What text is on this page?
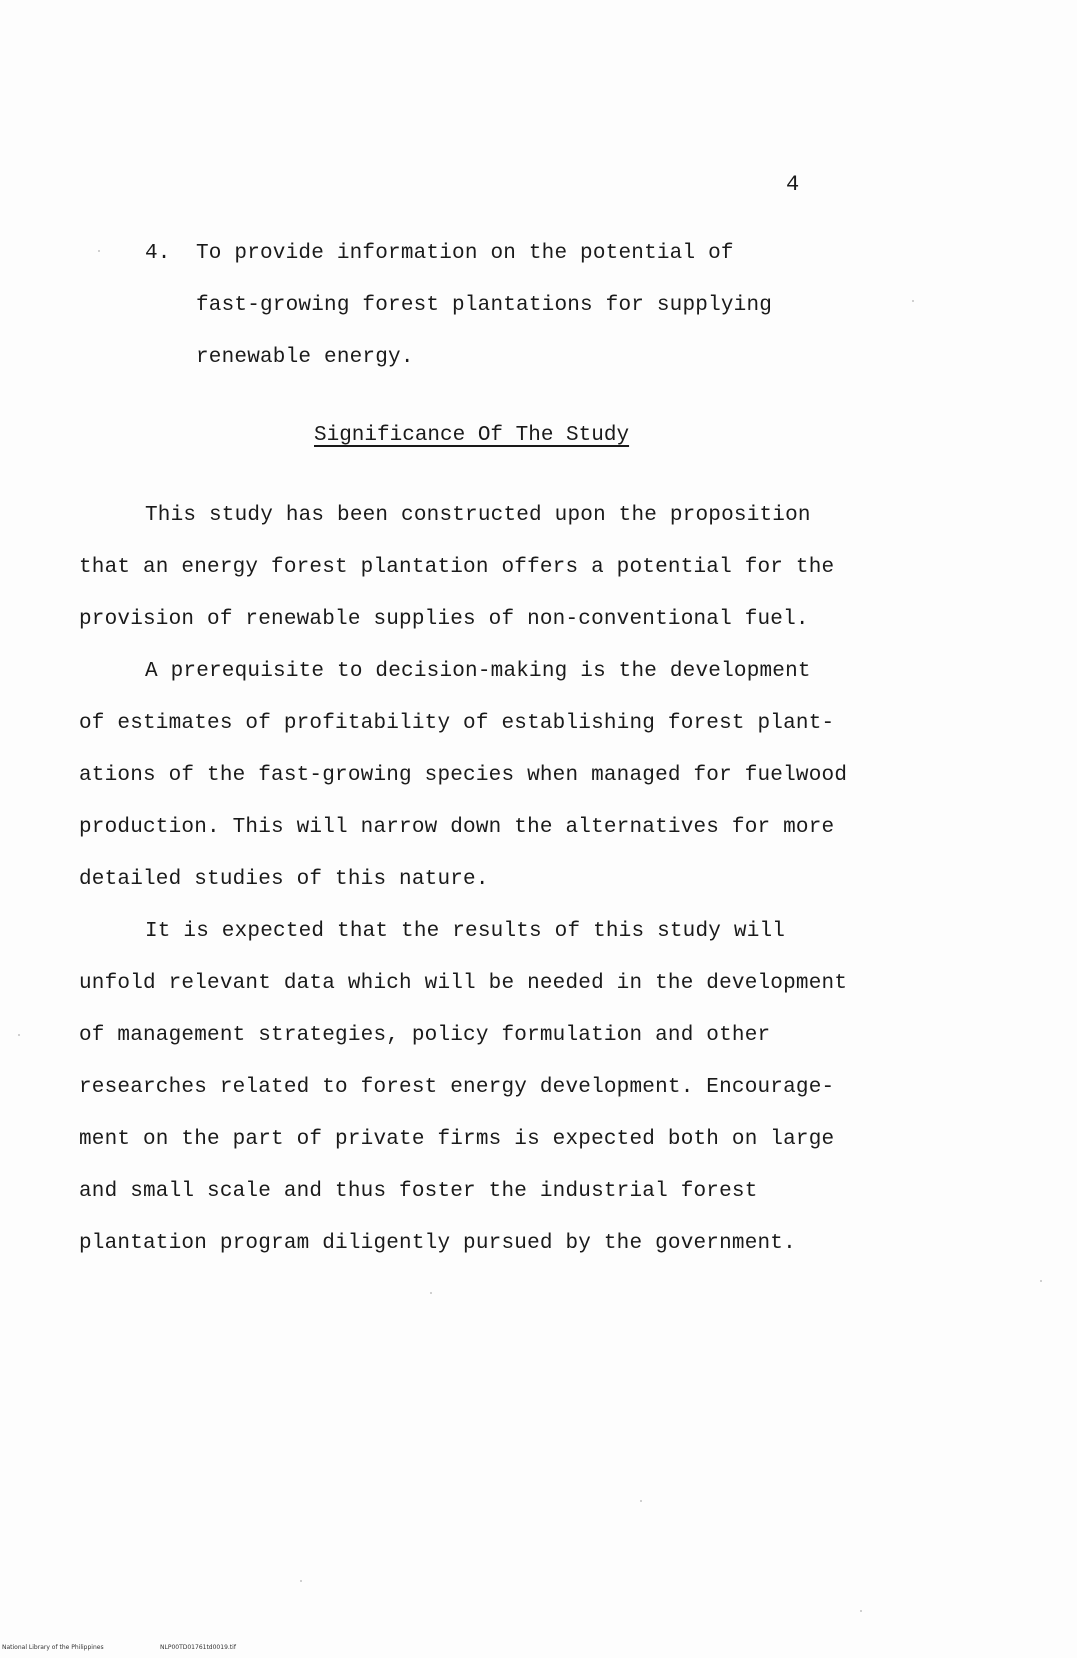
4
4. To provide information on the potential of
fast-growing forest plantations for supplying
renewable energy.
Significance Of The Study
This study has been constructed upon the proposition
that an energy forest plantation offers a potential for the
provision of renewable supplies of non-conventional fuel.
A prerequisite to decision-making is the development
of estimates of profitability of establishing forest plant-
ations of the fast-growing species when managed for fuelwood
production. This will narrow down the alternatives for more
detailed studies of this nature.
It is expected that the results of this study will
unfold relevant data which will be needed in the development
of management strategies, policy formulation and other
researches related to forest energy development. Encourage-
ment on the part of private firms is expected both on large
and small scale and thus foster the industrial forest
plantation program diligently pursued by the government.
National Library of the Philippines	NLP00TD01761td0019.tif
